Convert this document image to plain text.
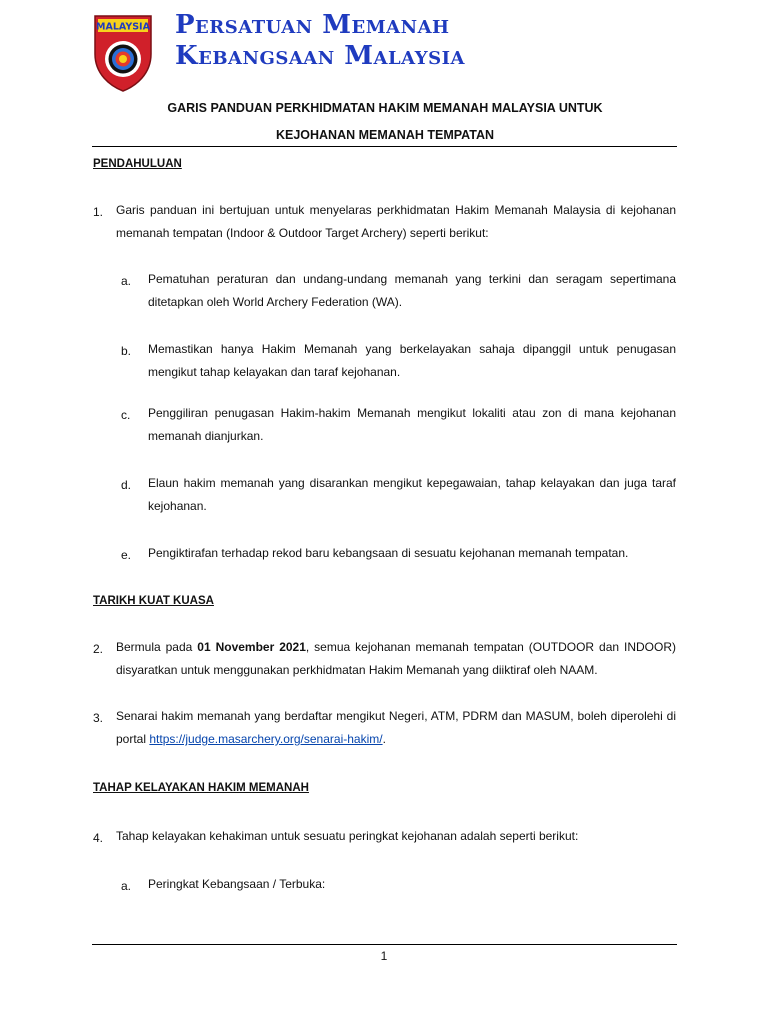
MALAYSIA Persatuan Memanah
Kebangsaan Malaysia
GARIS PANDUAN PERKHIDMATAN HAKIM MEMANAH MALAYSIA UNTUK
KEJOHANAN MEMANAH TEMPATAN
PENDAHULUAN
1. Garis panduan ini bertujuan untuk menyelaras perkhidmatan Hakim Memanah Malaysia di kejohanan memanah tempatan (Indoor & Outdoor Target Archery) seperti berikut:
a. Pematuhan peraturan dan undang-undang memanah yang terkini dan seragam sepertimana ditetapkan oleh World Archery Federation (WA).
b. Memastikan hanya Hakim Memanah yang berkelayakan sahaja dipanggil untuk penugasan mengikut tahap kelayakan dan taraf kejohanan.
c. Penggiliran penugasan Hakim-hakim Memanah mengikut lokaliti atau zon di mana kejohanan memanah dianjurkan.
d. Elaun hakim memanah yang disarankan mengikut kepegawaian, tahap kelayakan dan juga taraf kejohanan.
e. Pengiktirafan terhadap rekod baru kebangsaan di sesuatu kejohanan memanah tempatan.
TARIKH KUAT KUASA
2. Bermula pada 01 November 2021, semua kejohanan memanah tempatan (OUTDOOR dan INDOOR) disyaratkan untuk menggunakan perkhidmatan Hakim Memanah yang diiktiraf oleh NAAM.
3. Senarai hakim memanah yang berdaftar mengikut Negeri, ATM, PDRM dan MASUM, boleh diperolehi di portal https://judge.masarchery.org/senarai-hakim/.
TAHAP KELAYAKAN HAKIM MEMANAH
4. Tahap kelayakan kehakiman untuk sesuatu peringkat kejohanan adalah seperti berikut:
a. Peringkat Kebangsaan / Terbuka:
1
